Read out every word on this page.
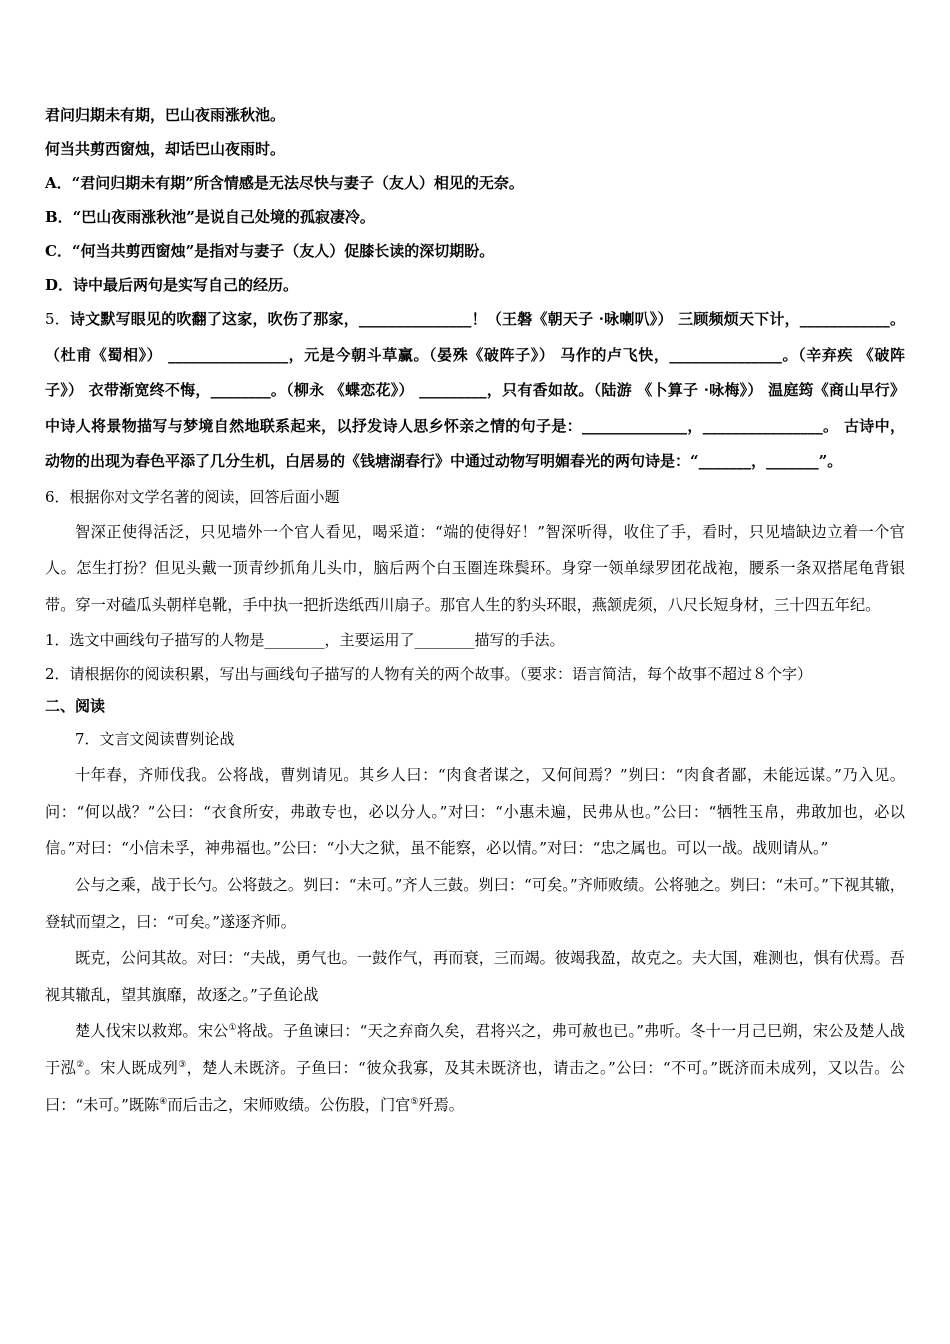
君问归期未有期，巴山夜雨涨秋池。
何当共剪西窗烛，却话巴山夜雨时。
A．“君问归期未有期”所含情感是无法尽快与妻子（友人）相见的无奈。
B．“巴山夜雨涨秋池”是说自己处境的孤寂凄冷。
C．“何当共剪西窗烛”是指对与妻子（友人）促膝长读的深切期盼。
D．诗中最后两句是实写自己的经历。
5．诗文默写眼见的吹翻了这家，吹伤了那家，_______________！（王磐《朝天子 ·咏喇叭》） 三顾频烦天下计，____________。（杜甫《蜀相》） ________________，元是今朝斗草赢。（晏殊《破阵子》） 马作的卢飞快，_______________。（辛弃疾 《破阵子》） 衣带渐宽终不悔，________。（柳永 《蝶恋花》） _________，只有香如故。（陆游 《卜算子 ·咏梅》） 温庭筠《商山早行》中诗人将景物描写与梦境自然地联系起来，以抒发诗人思乡怀亲之情的句子是：______________，________________。 古诗中，动物的出现为春色平添了几分生机，白居易的《钱塘湖春行》中通过动物写明媚春光的两句诗是：“_______，_______”。
6．根据你对文学名著的阅读，回答后面小题

智深正使得活泛，只见墙外一个官人看见，喝采道：“端的使得好！”智深听得，收住了手，看时，只见墙缺边立着一个官人。怎生打扮？但见头戴一顶青纱抓角儿头巾，脑后两个白玉圈连珠鬓环。身穿一领单绿罗团花战袍，腰系一条双搭尾龟背银带。穿一对磕瓜头朝样皂靴，手中执一把折迭纸西川扇子。那官人生的豹头环眼，燕颔虎须，八尺长短身材，三十四五年纪。

1．选文中画线句子描写的人物是________，主要运用了________描写的手法。
2．请根据你的阅读积累，写出与画线句子描写的人物有关的两个故事。（要求：语言简洁，每个故事不超过８个字）
二、阅读
7．文言文阅读曹刿论战

十年春，齐师伐我。公将战，曹刿请见。其乡人曰：“肉食者谋之，又何间焉？”刿曰：“肉食者鄙，未能远谋。”乃入见。问：“何以战？”公曰：“衣食所安，弗敢专也，必以分人。”对曰：“小惠未遍，民弗从也。”公曰：“牺牲玉帛，弗敢加也，必以信。”对曰：“小信未孚，神弗福也。”公曰：“小大之狱，虽不能察，必以情。”对曰：“忠之属也。可以一战。战则请从。”

公与之乘，战于长勺。公将鼓之。刿曰：“未可。”齐人三鼓。刿曰：“可矣。”齐师败绩。公将驰之。刿曰：“未可。”下视其辙，登轼而望之，曰：“可矣。”遂逐齐师。

既克，公问其故。对曰：“夫战，勇气也。一鼓作气，再而衰，三而竭。彼竭我盈，故克之。夫大国，难测也，惧有伏焉。吾视其辙乱，望其旗靡，故逐之。”子鱼论战

楚人伐宋以救郑。宋公①将战。子鱼谏曰：“天之弃商久矣，君将兴之，弗可赦也已。”弗听。冬十一月己巳朔，宋公及楚人战于泓②。宋人既成列③，楚人未既济。子鱼曰：“彼众我寡，及其未既济也，请击之。”公曰：“不可。”既济而未成列，又以告。公曰：“未可。”既陈④而后击之，宋师败绩。公伤股，门官⑤歼焉。
